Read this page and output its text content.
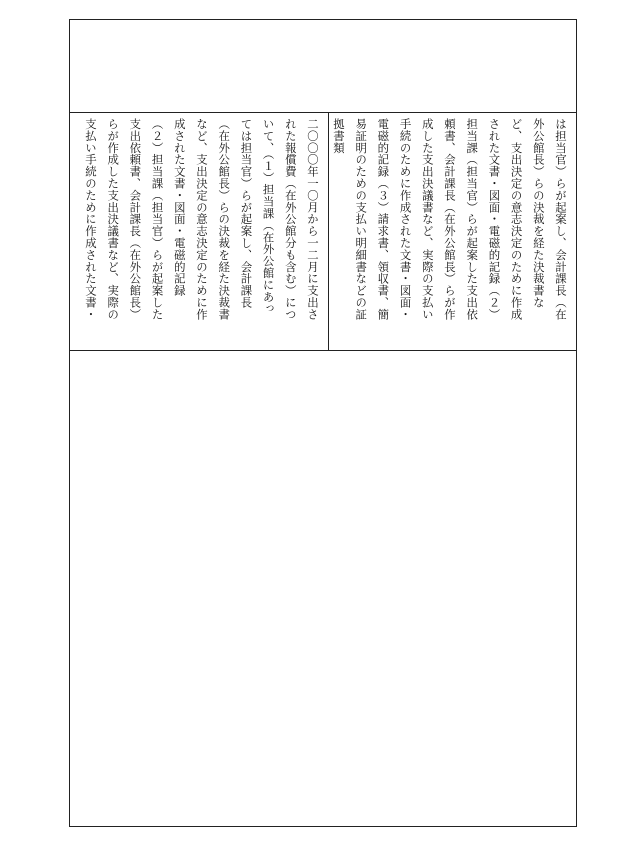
は担当官）らが起案し、会計課長（在
外公館長）らの決裁を経た決裁書な
ど、支出決定の意志決定のために作成
された文書・図面・電磁的記録（２）
担当課（担当官）らが起案した支出依
頼書、会計課長（在外公館長）らが作
成した支出決議書など、実際の支払い
手続のために作成された文書・図面・
電磁的記録（３）請求書、領収書、簡
易証明のための支払い明細書などの証
拠書類
二〇〇〇年一〇月から一二月に支出さ
れた報償費（在外公館分も含む）につ
いて、（１）担当課（在外公館にあっ
ては担当官）らが起案し、会計課長
（在外公館長）らの決裁を経た決裁書
など、支出決定の意志決定のために作
成された文書・図面・電磁的記録
（２）担当課（担当官）らが起案した
支出依頼書、会計課長（在外公館長）
らが作成した支出決議書など、実際の
支払い手続のために作成された文書・
